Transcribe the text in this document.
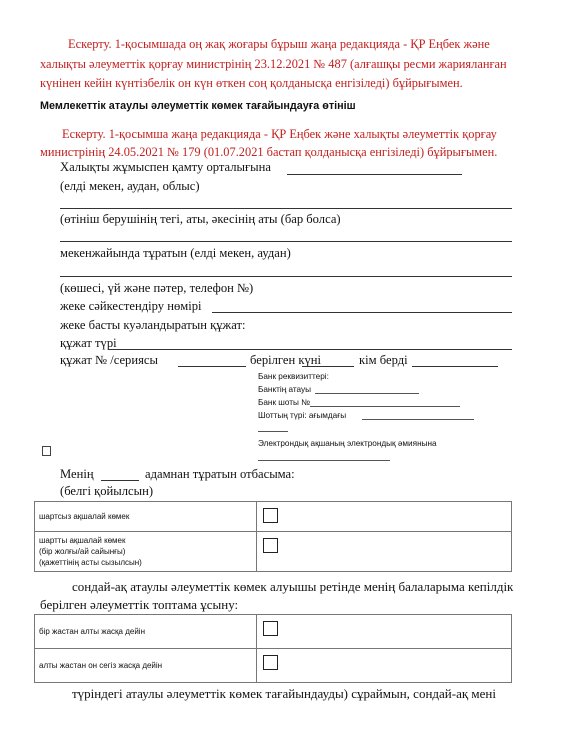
Ескерту. 1-қосымшада оң жақ жоғары бұрыш жаңа редакцияда - ҚР Еңбек және
халықты әлеуметтік қорғау министрінің 23.12.2021 № 487 (алғашқы ресми жарияланған
күнінен кейін күнтізбелік он күн өткен соң қолданысқа енгізіледі) бұйрығымен.
Мемлекеттік атаулы әлеуметтік көмек тағайындауға өтініш
Ескерту. 1-қосымша жаңа редакцияда - ҚР Еңбек және халықты әлеуметтік қорғау
министрінің 24.05.2021 № 179 (01.07.2021 бастап қолданысқа енгізіледі) бұйрығымен.
Халықты жұмыспен қамту орталығына
(елді мекен, аудан, облыс)
(өтініш берушінің тегі, аты, әкесінің аты (бар болса)
мекенжайында тұратын (елді мекен, аудан)
(көшесі, үй және пәтер, телефон №)
жеке сәйкестендіру нөмірі
жеке басты куәландыратын құжат:
құжат түрі
құжат № /сериясы	берілген күні	кім берді
Банк реквизиттері:
Банктің атауы
Банк шоты №
Шоттың түрі: ағымдағы
Электрондық ақшаның электрондық әмиянына
Менің	адамнан тұратын отбасыма:
(белгі қойылсын)
шартсыз ақшалай көмек	

шартты ақшалай көмек
(бір жолғы/ай сайынғы)
(қажеттінің асты сызылсын)	

сондай-ақ атаулы әлеуметтік көмек алуышы ретінде менің балаларыма кепілдік
берілген әлеуметтік топтама ұсыну:
бір жастан алты жасқа дейін	

алты жастан он сегіз жасқа дейін	

түріндегі атаулы әлеуметтік көмек тағайындауды) сұраймын, сондай-ақ мені
